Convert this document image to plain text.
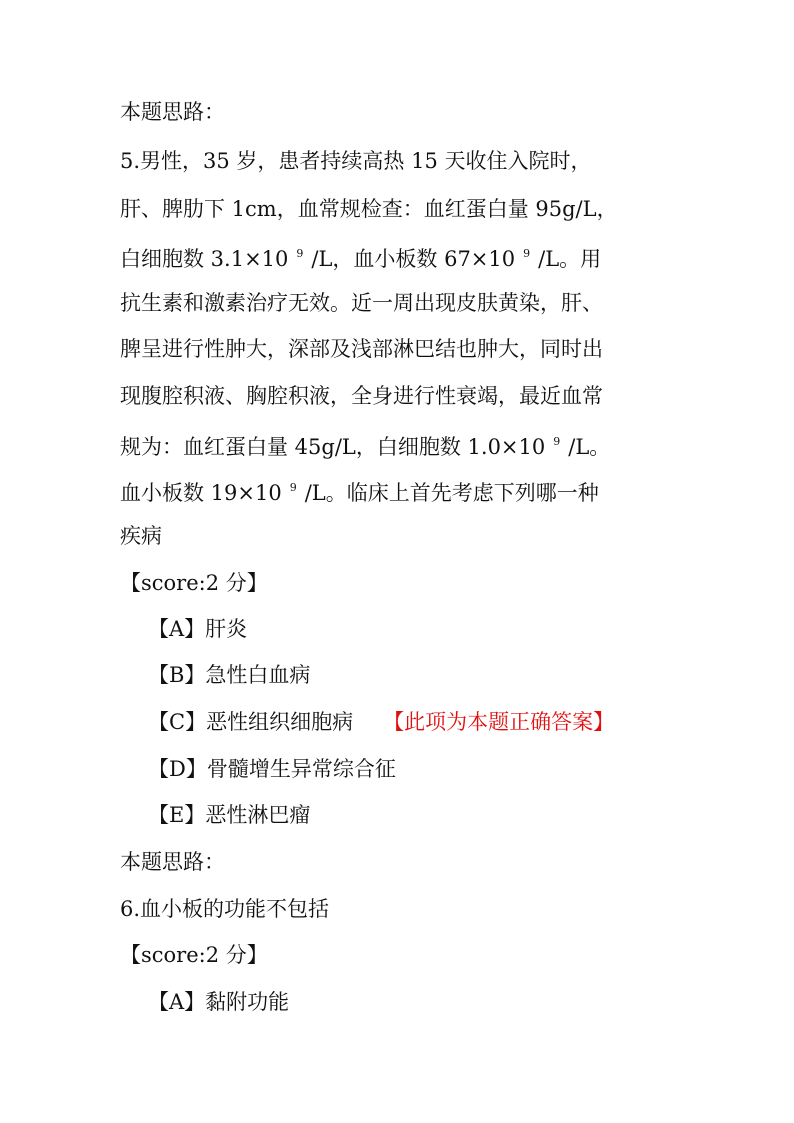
本题思路：
5.男性，35 岁，患者持续高热 15 天收住入院时，
肝、脾肋下 1cm，血常规检查：血红蛋白量 95g/L，
白细胞数 3.1×10 $^9$ /L，血小板数 67×10 $^9$ /L。用
抗生素和激素治疗无效。近一周出现皮肤黄染，肝、
脾呈进行性肿大，深部及浅部淋巴结也肿大，同时出
现腹腔积液、胸腔积液，全身进行性衰竭，最近血常
规为：血红蛋白量 45g/L，白细胞数 1.0×10 $^9$ /L。
血小板数 19×10 $^9$ /L。临床上首先考虑下列哪一种
疾病
【score:2 分】
【A】肝炎
【B】急性白血病
【C】恶性组织细胞病 【此项为本题正确答案】
【D】骨髓增生异常综合征
【E】恶性淋巴瘤
本题思路：
6.血小板的功能不包括
【score:2 分】
【A】黏附功能
